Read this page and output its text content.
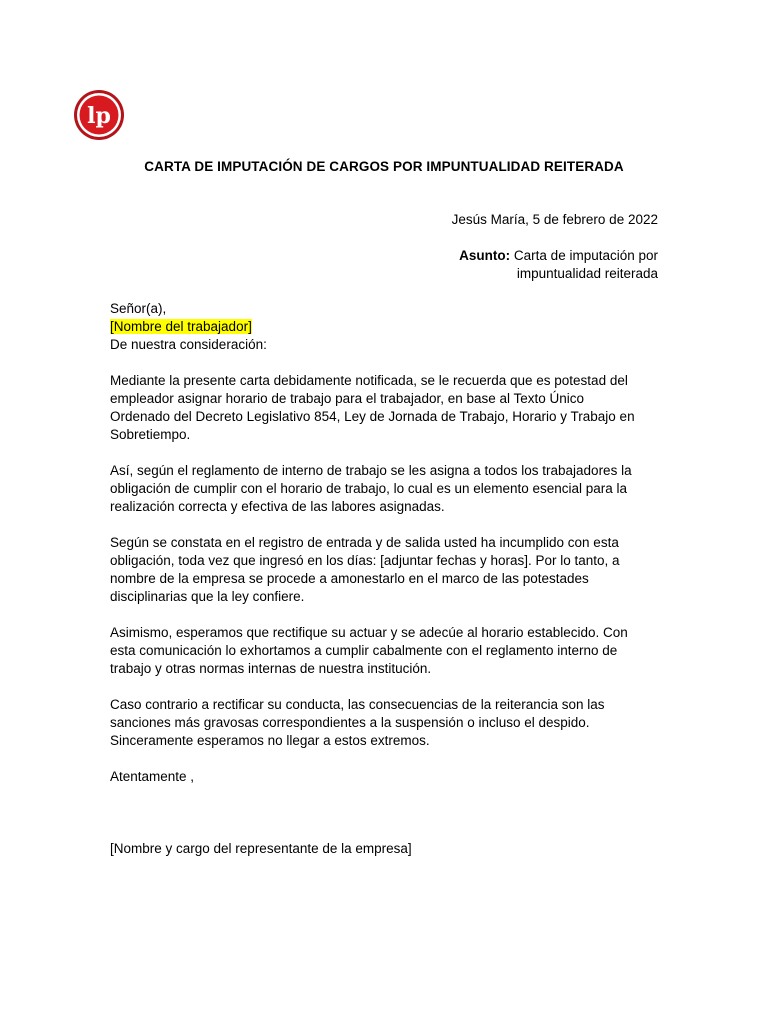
lp
CARTA DE IMPUTACIÓN DE CARGOS POR IMPUNTUALIDAD REITERADA
Jesús María, 5 de febrero de 2022
Asunto: Carta de imputación por
impuntualidad reiterada

Señor(a),

[Nombre del trabajador]

De nuestra consideración:

Mediante la presente carta debidamente notificada, se le recuerda que es potestad del

empleador asignar horario de trabajo para el trabajador, en base al Texto Único

Ordenado del Decreto Legislativo 854, Ley de Jornada de Trabajo, Horario y Trabajo en

Sobretiempo.

Así, según el reglamento de interno de trabajo se les asigna a todos los trabajadores la

obligación de cumplir con el horario de trabajo, lo cual es un elemento esencial para la

realización correcta y efectiva de las labores asignadas.

Según se constata en el registro de entrada y de salida usted ha incumplido con esta

obligación, toda vez que ingresó en los días: [adjuntar fechas y horas]. Por lo tanto, a

nombre de la empresa se procede a amonestarlo en el marco de las potestades

disciplinarias que la ley confiere.

Asimismo, esperamos que rectifique su actuar y se adecúe al horario establecido. Con

esta comunicación lo exhortamos a cumplir cabalmente con el reglamento interno de

trabajo y otras normas internas de nuestra institución.

Caso contrario a rectificar su conducta, las consecuencias de la reiterancia son las

sanciones más gravosas correspondientes a la suspensión o incluso el despido.

Sinceramente esperamos no llegar a estos extremos.

Atentamente ,

[Nombre y cargo del representante de la empresa]
